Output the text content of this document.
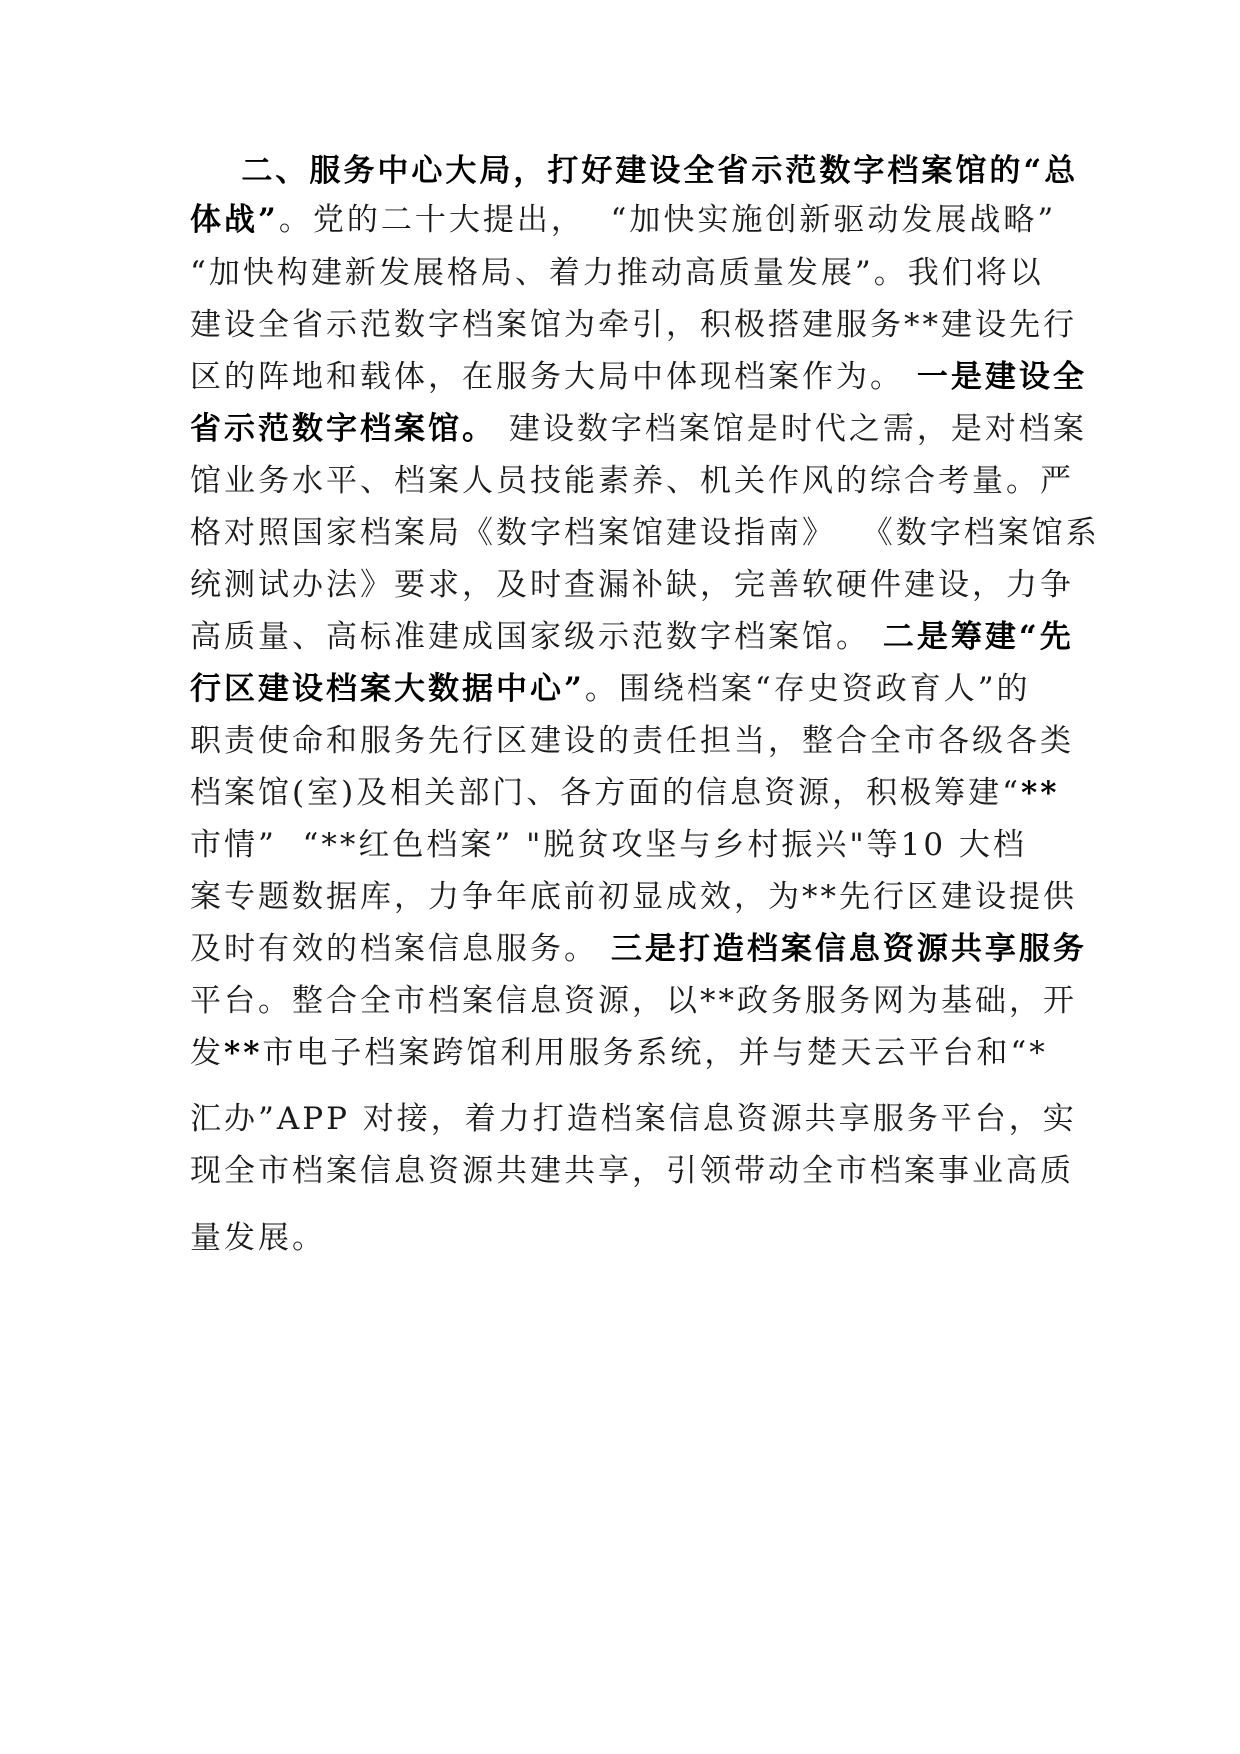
二、服务中心大局，打好建设全省示范数字档案馆的“总
体战”。党的二十大提出，  “加快实施创新驱动发展战略”
“加快构建新发展格局、着力推动高质量发展”。我们将以
建设全省示范数字档案馆为牵引，积极搭建服务**建设先行
区的阵地和载体，在服务大局中体现档案作为。 一是建设全
省示范数字档案馆。 建设数字档案馆是时代之需，是对档案
馆业务水平、档案人员技能素养、机关作风的综合考量。严
格对照国家档案局《数字档案馆建设指南》  《数字档案馆系
统测试办法》要求，及时查漏补缺，完善软硬件建设，力争
高质量、高标准建成国家级示范数字档案馆。 二是筹建“先
行区建设档案大数据中心”。围绕档案“存史资政育人”的
职责使命和服务先行区建设的责任担当，整合全市各级各类
档案馆(室)及相关部门、各方面的信息资源，积极筹建“**
市情”  “**红色档案” "脱贫攻坚与乡村振兴"等10 大档
案专题数据库，力争年底前初显成效，为**先行区建设提供
及时有效的档案信息服务。 三是打造档案信息资源共享服务
平台。整合全市档案信息资源，以**政务服务网为基础，开
发**市电子档案跨馆利用服务系统，并与楚天云平台和“*
汇办”APP 对接，着力打造档案信息资源共享服务平台，实
现全市档案信息资源共建共享，引领带动全市档案事业高质
量发展。
